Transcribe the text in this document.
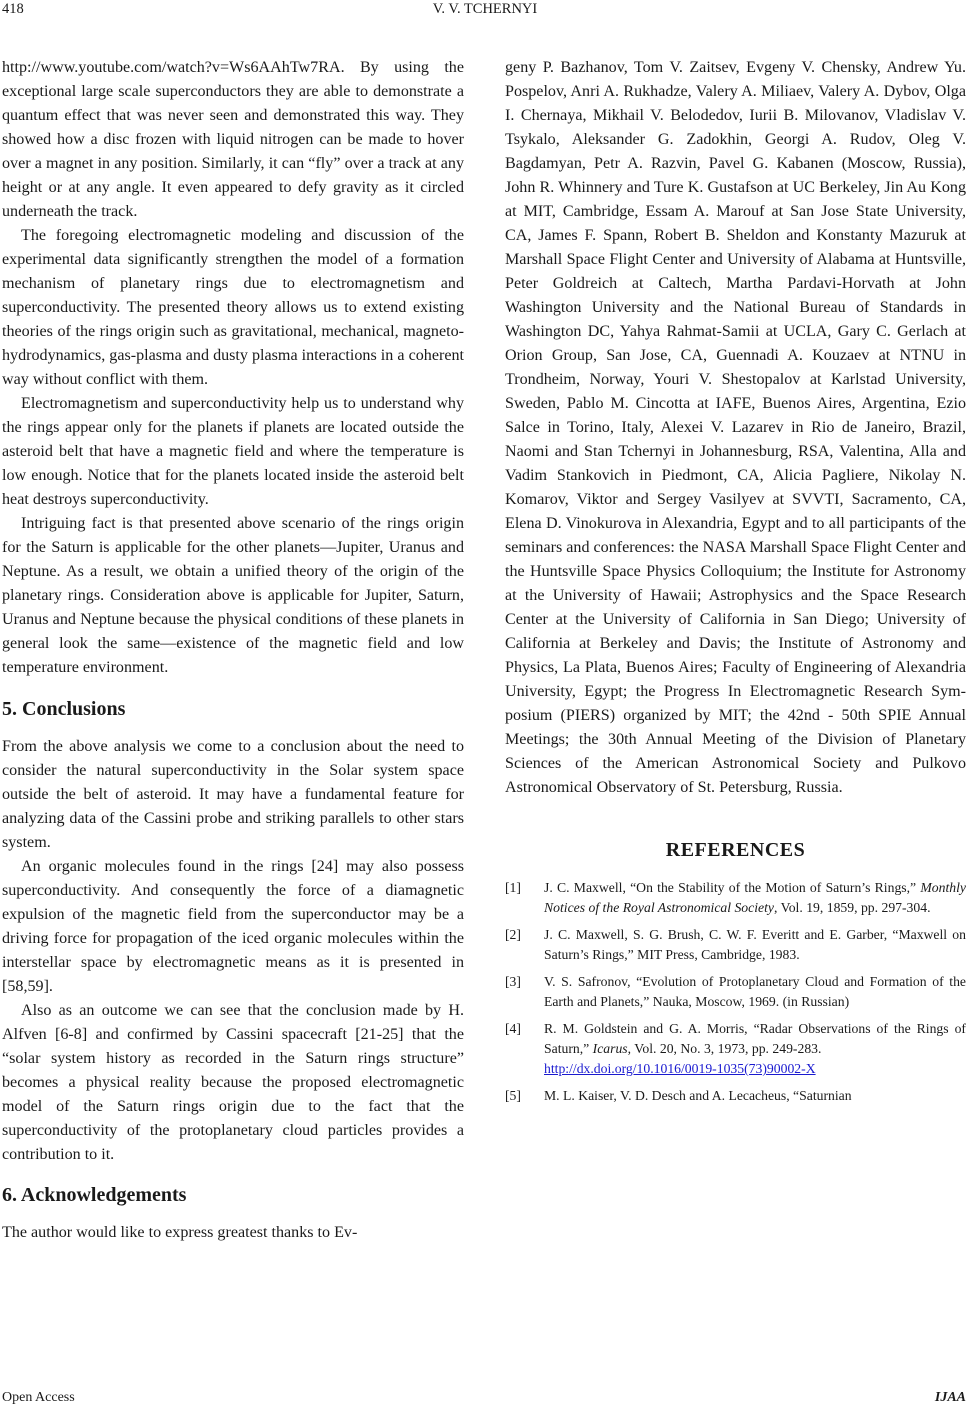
418	V. V. TCHERNYI

http://www.youtube.com/watch?v=Ws6AAhTw7RA. By using the exceptional large scale superconductors they are able to demonstrate a quantum effect that was never seen and demonstrated this way. They showed how a disc frozen with liquid nitrogen can be made to hover over a magnet in any position. Similarly, it can “fly” over a track at any height or at any angle. It even appeared to defy gravity as it circled underneath the track.

The foregoing electromagnetic modeling and discussion of the experimental data significantly strengthen the model of a formation mechanism of planetary rings due to electromagnetism and superconductivity. The presented theory allows us to extend existing theories of the rings origin such as gravitational, mechanical, magnetohydrodynamics, gas-plasma and dusty plasma interactions in a coherent way without conflict with them.

Electromagnetism and superconductivity help us to understand why the rings appear only for the planets if planets are located outside the asteroid belt that have a magnetic field and where the temperature is low enough. Notice that for the planets located inside the asteroid belt heat destroys superconductivity.

Intriguing fact is that presented above scenario of the rings origin for the Saturn is applicable for the other planets—Jupiter, Uranus and Neptune. As a result, we obtain a unified theory of the origin of the planetary rings. Consideration above is applicable for Jupiter, Saturn, Uranus and Neptune because the physical conditions of these planets in general look the same—existence of the magnetic field and low temperature environment.

5. Conclusions

From the above analysis we come to a conclusion about the need to consider the natural superconductivity in the Solar system space outside the belt of asteroid. It may have a fundamental feature for analyzing data of the Cassini probe and striking parallels to other stars system.

An organic molecules found in the rings [24] may also possess superconductivity. And consequently the force of a diamagnetic expulsion of the magnetic field from the superconductor may be a driving force for propagation of the iced organic molecules within the interstellar space by electromagnetic means as it is presented in [58,59].

Also as an outcome we can see that the conclusion made by H. Alfven [6-8] and confirmed by Cassini spacecraft [21-25] that the “solar system history as recorded in the Saturn rings structure” becomes a physical reality because the proposed electromagnetic model of the Saturn rings origin due to the fact that the superconductivity of the protoplanetary cloud particles provides a contribution to it.

6. Acknowledgements

The author would like to express greatest thanks to Ev-

geny P. Bazhanov, Tom V. Zaitsev, Evgeny V. Chensky, Andrew Yu. Pospelov, Anri A. Rukhadze, Valery A. Miliaev, Valery A. Dybov, Olga I. Chernaya, Mikhail V. Belodedov, Iurii B. Milovanov, Vladislav V. Tsykalo, Aleksander G. Zadokhin, Georgi A. Rudov, Oleg V. Bagdamyan, Petr A. Razvin, Pavel G. Kabanen (Moscow, Russia), John R. Whinnery and Ture K. Gustafson at UC Berkeley, Jin Au Kong at MIT, Cambridge, Essam A. Marouf at San Jose State University, CA, James F. Spann, Robert B. Sheldon and Konstanty Mazuruk at Marshall Space Flight Center and University of Alabama at Huntsville, Peter Goldreich at Caltech, Martha Pardavi-Horvath at John Washington University and the National Bureau of Standards in Washington DC, Yahya Rahmat-Samii at UCLA, Gary C. Gerlach at Orion Group, San Jose, CA, Guennadi A. Kouzaev at NTNU in Trondheim, Norway, Youri V. Shestopalov at Karlstad University, Sweden, Pablo M. Cincotta at IAFE, Buenos Aires, Argentina, Ezio Salce in Torino, Italy, Alexei V. Lazarev in Rio de Janeiro, Brazil, Naomi and Stan Tchernyi in Johannesburg, RSA, Valentina, Alla and Vadim Stankovich in Piedmont, CA, Alicia Pagliere, Nikolay N. Komarov, Viktor and Sergey Vasilyev at SVVTI, Sacramento, CA, Elena D. Vinokurova in Alexandria, Egypt and to all participants of the seminars and conferences: the NASA Marshall Space Flight Center and the Huntsville Space Physics Colloquium; the Institute for Astronomy at the University of Hawaii; Astrophysics and the Space Research Center at the University of California in San Diego; University of California at Berkeley and Davis; the Institute of Astronomy and Physics, La Plata, Buenos Aires; Faculty of Engineering of Alexandria University, Egypt; the Progress In Electromagnetic Research Symposium (PIERS) organized by MIT; the 42nd - 50th SPIE Annual Meetings; the 30th Annual Meeting of the Division of Planetary Sciences of the American Astronomical Society and Pulkovo Astronomical Observatory of St. Petersburg, Russia.

REFERENCES
[1]	J. C. Maxwell, “On the Stability of the Motion of Saturn’s Rings,” Monthly Notices of the Royal Astronomical Society, Vol. 19, 1859, pp. 297-304.
[2]	J. C. Maxwell, S. G. Brush, C. W. F. Everitt and E. Garber, “Maxwell on Saturn’s Rings,” MIT Press, Cambridge, 1983.
[3]	V. S. Safronov, “Evolution of Protoplanetary Cloud and Formation of the Earth and Planets,” Nauka, Moscow, 1969. (in Russian)
[4]	R. M. Goldstein and G. A. Morris, “Radar Observations of the Rings of Saturn,” Icarus, Vol. 20, No. 3, 1973, pp. 249-283.
http://dx.doi.org/10.1016/0019-1035(73)90002-X
[5]	M. L. Kaiser, V. D. Desch and A. Lecacheus, “Saturnian
Open Access	IJAA
